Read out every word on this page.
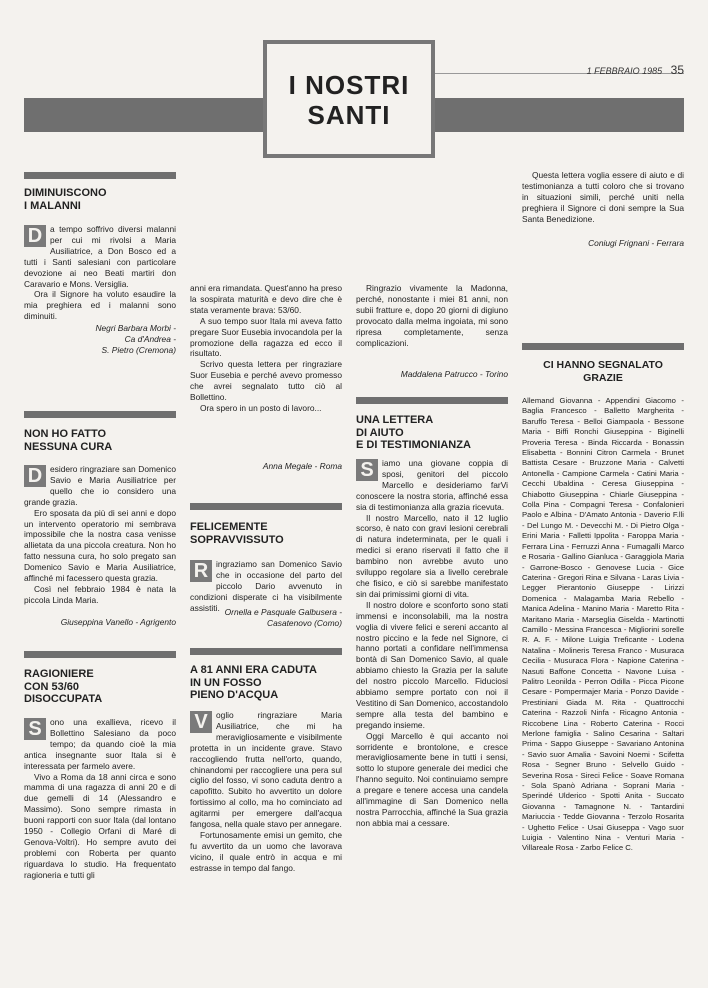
1 FEBBRAIO 1985 35
I NOSTRI
SANTI
DIMINUISCONO
I MALANNI

D a tempo soffrivo diversi malanni per cui mi rivolsi a Maria Ausiliatrice, a Don Bosco ed a tutti i Santi salesiani con particolare devozione ai neo Beati martiri don Caravario e Mons. Versiglia.

Ora il Signore ha voluto esaudire la mia preghiera ed i malanni sono diminuiti.

Negri Barbara Morbi -
Ca d'Andrea -
S. Pietro (Cremona)
NON HO FATTO
NESSUNA CURA

D esidero ringraziare san Domenico Savio e Maria Ausiliatrice per quello che io considero una grande grazia.

Ero sposata da più di sei anni e dopo un intervento operatorio mi sembrava impossibile che la nostra casa venisse allietata da una piccola creatura. Non ho fatto nessuna cura, ho solo pregato san Domenico Savio e Maria Ausiliatrice, affinché mi facessero questa grazia.

Così nel febbraio 1984 è nata la piccola Linda Maria.

Giuseppina Vanello - Agrigento
RAGIONIERE
CON 53/60
DISOCCUPATA

S ono una exallieva, ricevo il Bollettino Salesiano da poco tempo; da quando cioè la mia antica insegnante suor Itala si è interessata per farmelo avere.

Vivo a Roma da 18 anni circa e sono mamma di una ragazza di anni 20 e di due gemelli di 14 (Alessandro e Massimo). Sono sempre rimasta in buoni rapporti con suor Itala (dal lontano 1950 - Collegio Orfani di Maré di Genova-Voltri). Ho sempre avuto dei problemi con Roberta per quanto riguardava lo studio. Ha frequentato ragioneria e tutti gli

anni era rimandata. Quest'anno ha preso la sospirata maturità e devo dire che è stata veramente brava: 53/60.

A suo tempo suor Itala mi aveva fatto pregare Suor Eusebia invocandola per la promozione della ragazza ed ecco il risultato.

Scrivo questa lettera per ringraziare Suor Eusebia e perché avevo promesso che avrei segnalato tutto ciò al Bollettino.

Ora spero in un posto di lavoro...

Anna Megale - Roma
FELICEMENTE
SOPRAVVISSUTO

R ingraziamo san Domenico Savio che in occasione del parto del piccolo Dario avvenuto in condizioni disperate ci ha visibilmente assistiti. Ornella e Pasquale Galbusera -
Casatenovo (Como)
A 81 ANNI ERA CADUTA
IN UN FOSSO
PIENO D'ACQUA

V oglio ringraziare Maria Ausiliatrice, che mi ha meravigliosamente e visibilmente protetta in un incidente grave. Stavo raccogliendo frutta nell'orto, quando, chinandomi per raccogliere una pera sul ciglio del fosso, vi sono caduta dentro a capofitto. Subito ho avvertito un dolore fortissimo al collo, ma ho cominciato ad agitarmi per emergere dall'acqua fangosa, nella quale stavo per annegare.

Fortunosamente emisi un gemito, che fu avvertito da un uomo che lavorava vicino, il quale entrò in acqua e mi estrasse in tempo dal fango.

Ringrazio vivamente la Madonna, perché, nonostante i miei 81 anni, non subii fratture e, dopo 20 giorni di digiuno provocato dalla melma ingoiata, mi sono ripresa completamente, senza complicazioni.

Maddalena Patrucco - Torino
UNA LETTERA
DI AIUTO
E DI TESTIMONIANZA

S iamo una giovane coppia di sposi, genitori del piccolo Marcello e desideriamo farVi conoscere la nostra storia, affinché essa sia di testimonianza alla grazia ricevuta.

Il nostro Marcello, nato il 12 luglio scorso, è nato con gravi lesioni cerebrali di natura indeterminata, per le quali i medici si erano riservati il fatto che il bambino non avrebbe avuto uno sviluppo regolare sia a livello cerebrale che fisico, e ciò si sarebbe manifestato sin dai primissimi giorni di vita.

Il nostro dolore e sconforto sono stati immensi e inconsolabili, ma la nostra voglia di vivere felici e sereni accanto al nostro piccino e la fede nel Signore, ci hanno portati a confidare nell'immensa bontà di San Domenico Savio, al quale abbiamo chiesto la Grazia per la salute del nostro piccolo Marcello. Fiduciosi abbiamo sempre portato con noi il Vestitino di San Domenico, accostandolo sempre alla testa del bambino e pregando insieme.

Oggi Marcello è qui accanto noi sorridente e brontolone, e cresce meravigliosamente bene in tutti i sensi, sotto lo stupore generale dei medici che l'hanno seguito. Noi continuiamo sempre a pregare e tenere accesa una candela all'immagine di San Domenico nella nostra Parrocchia, affinché la Sua grazia non abbia mai a cessare.

Questa lettera voglia essere di aiuto e di testimonianza a tutti coloro che si trovano in situazioni simili, perché uniti nella preghiera il Signore ci doni sempre la Sua Santa Benedizione.

Coniugi Frignani - Ferrara
CI HANNO SEGNALATO
GRAZIE

Allemand Giovanna - Appendini Giacomo - Baglia Francesco - Balletto Margherita - Baruffo Teresa - Belloi Giampaola - Bessone Maria - Biffi Ronchi Giuseppina - Biginelli Proveria Teresa - Binda Riccarda - Bonassin Elisabetta - Bonnini Citron Carmela - Brunet Battista Cesare - Bruzzone Maria - Calvetti Antonella - Campione Carmela - Catini Maria - Cecchi Ubaldina - Ceresa Giuseppina - Chiabotto Giuseppina - Chiarle Giuseppina - Colla Pina - Compagni Teresa - Confalonieri Paolo e Albina - D'Amato Antonia - Daverio F.lli - Del Lungo M. - Devecchi M. - Di Pietro Olga - Erini Maria - Falletti Ippolita - Faroppa Maria - Ferrara Lina - Ferruzzi Anna - Fumagalli Marco e Rosaria - Gallino Gianluca - Garaggiola Maria - Garrone-Bosco - Genovese Lucia - Gice Caterina - Gregori Rina e Silvana - Laras Livia - Legger Pierantonio Giuseppe - Lirizzi Domenica - Malagamba Maria Rebello - Manica Adelina - Manino Maria - Maretto Rita - Maritano Maria - Marseglia Giselda - Martinotti Camillo - Messina Francesca - Migliorini sorelle R. A. F. - Milone Luigia Treficante - Lodena Natalina - Molineris Teresa Franco - Musuraca Cecilia - Musuraca Flora - Napione Caterina - Nasuti Baffone Concetta - Navone Luisa - Palitro Leonilda - Perron Odilla - Picca Picone Cesare - Pompermajer Maria - Ponzo Davide - Prestiniani Giada M. Rita - Quattrocchi Caterina - Razzoli Ninfa - Ricagno Antonia - Riccobene Lina - Roberto Caterina - Rocci Merlone famiglia - Salino Cesarina - Saltari Prima - Sappo Giuseppe - Savariano Antonina - Savio suor Amalia - Savoini Noemi - Scifetta Rosa - Segner Bruno - Selvello Guido - Severina Rosa - Sireci Felice - Soave Romana - Sola Spanò Adriana - Soprani Maria - Sperindé Ulderico - Spotti Anita - Succato Giovanna - Tamagnone N. - Tantardini Mariuccia - Tedde Giovanna - Terzolo Rosarita - Ughetto Felice - Usai Giuseppa - Vago suor Luigia - Valentino Nina - Venturi Maria - Villareale Rosa - Zarbo Felice C.
